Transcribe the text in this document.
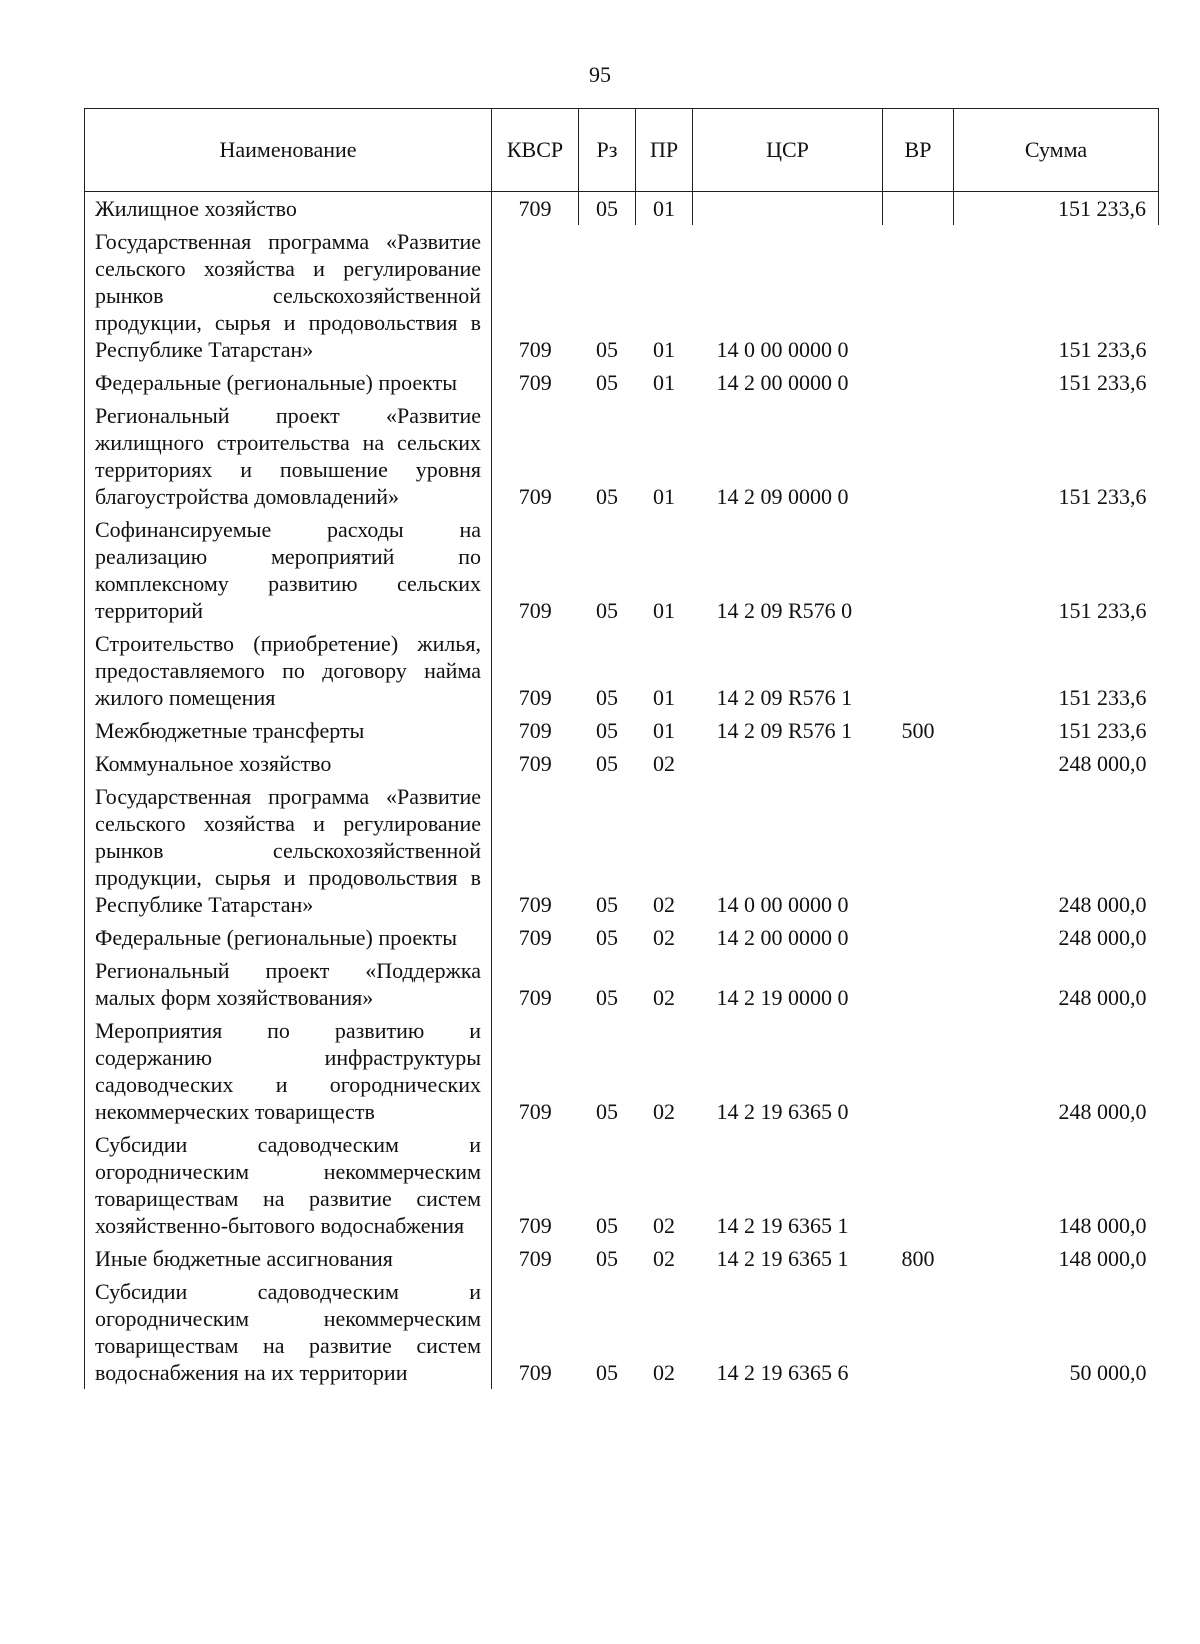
95
Наименование	КВСР	Рз	ПР	ЦСР	ВР	Сумма
Жилищное хозяйство	709	05	01			151 233,6
Государственная программа «Развитие сельского хозяйства и регулирование рынков сельскохозяйственной продукции, сырья и продовольствия в Республике Татарстан»	709	05	01	14 0 00 0000 0		151 233,6
Федеральные (региональные) проекты	709	05	01	14 2 00 0000 0		151 233,6
Региональный проект «Развитие жилищного строительства на сельских территориях и повышение уровня благоустройства домовладений»	709	05	01	14 2 09 0000 0		151 233,6
Софинансируемые расходы на реализацию мероприятий по комплексному развитию сельских территорий	709	05	01	14 2 09 R576 0		151 233,6
Строительство (приобретение) жилья, предоставляемого по договору найма жилого помещения	709	05	01	14 2 09 R576 1		151 233,6
Межбюджетные трансферты	709	05	01	14 2 09 R576 1	500	151 233,6
Коммунальное хозяйство	709	05	02			248 000,0
Государственная программа «Развитие сельского хозяйства и регулирование рынков сельскохозяйственной продукции, сырья и продовольствия в Республике Татарстан»	709	05	02	14 0 00 0000 0		248 000,0
Федеральные (региональные) проекты	709	05	02	14 2 00 0000 0		248 000,0
Региональный проект «Поддержка малых форм хозяйствования»	709	05	02	14 2 19 0000 0		248 000,0
Мероприятия по развитию и содержанию инфраструктуры садоводческих и огороднических некоммерческих товариществ	709	05	02	14 2 19 6365 0		248 000,0
Субсидии садоводческим и огородническим некоммерческим товариществам на развитие систем хозяйственно-бытового водоснабжения	709	05	02	14 2 19 6365 1		148 000,0
Иные бюджетные ассигнования	709	05	02	14 2 19 6365 1	800	148 000,0
Субсидии садоводческим и огородническим некоммерческим товариществам на развитие систем водоснабжения на их территории	709	05	02	14 2 19 6365 6		50 000,0
